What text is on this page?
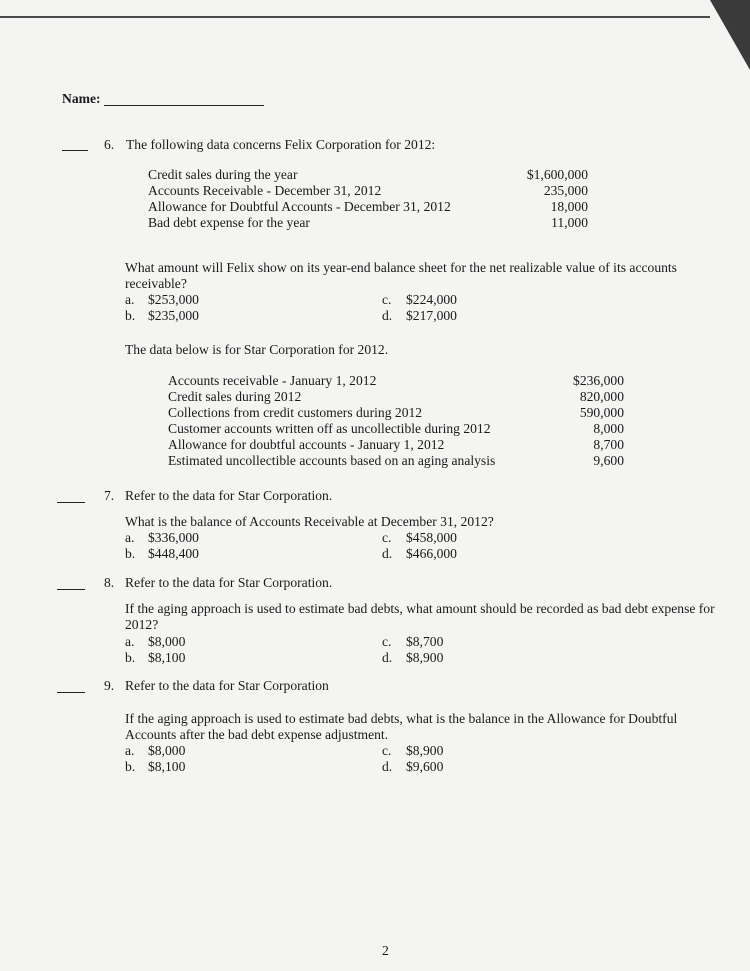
Name:
6. The following data concerns Felix Corporation for 2012:
Credit sales during the year
Accounts Receivable - December 31, 2012
Allowance for Doubtful Accounts - December 31, 2012
Bad debt expense for the year
$1,600,000
235,000
18,000
11,000
What amount will Felix show on its year-end balance sheet for the net realizable value of its accounts
receivable?
a. $253,000
b. $235,000
c. $224,000
d. $217,000
The data below is for Star Corporation for 2012.
Accounts receivable - January 1, 2012
Credit sales during 2012
Collections from credit customers during 2012
Customer accounts written off as uncollectible during 2012
Allowance for doubtful accounts - January 1, 2012
Estimated uncollectible accounts based on an aging analysis
$236,000
820,000
590,000
8,000
8,700
9,600
7. Refer to the data for Star Corporation.
What is the balance of Accounts Receivable at December 31, 2012?
a. $336,000
b. $448,400
c. $458,000
d. $466,000
8. Refer to the data for Star Corporation.
If the aging approach is used to estimate bad debts, what amount should be recorded as bad debt expense for
2012?
a. $8,000
b. $8,100
c. $8,700
d. $8,900
9. Refer to the data for Star Corporation
If the aging approach is used to estimate bad debts, what is the balance in the Allowance for Doubtful
Accounts after the bad debt expense adjustment.
a. $8,000
b. $8,100
c. $8,900
d. $9,600
2
